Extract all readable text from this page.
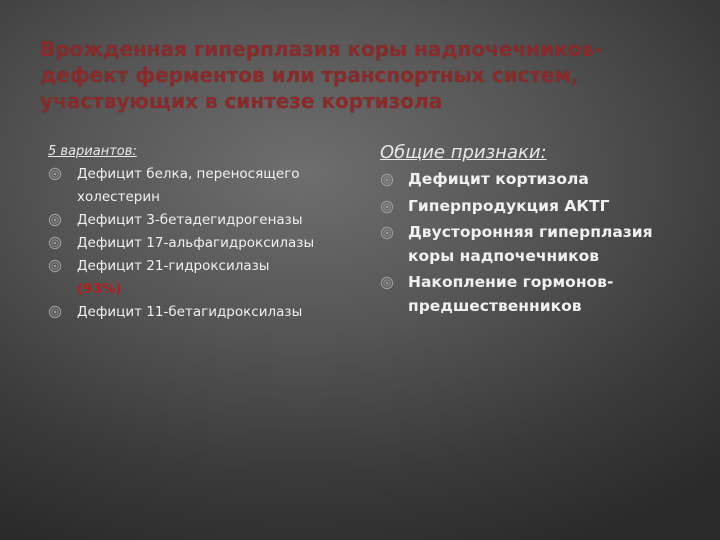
Врожденная гиперплазия коры надпочечников- дефект ферментов или транспортных систем, участвующих в синтезе кортизола
5 вариантов:
Дефицит белка, переносящего холестерин
Дефицит 3-бетадегидрогеназы
Дефицит 17-альфагидроксилазы
Дефицит 21-гидроксилазы
(93%)
Дефицит 11-бетагидроксилазы
Общие признаки:
Дефицит кортизола
Гиперпродукция АКТГ
Двусторонняя гиперплазия коры надпочечников
Накопление гормонов-предшественников
